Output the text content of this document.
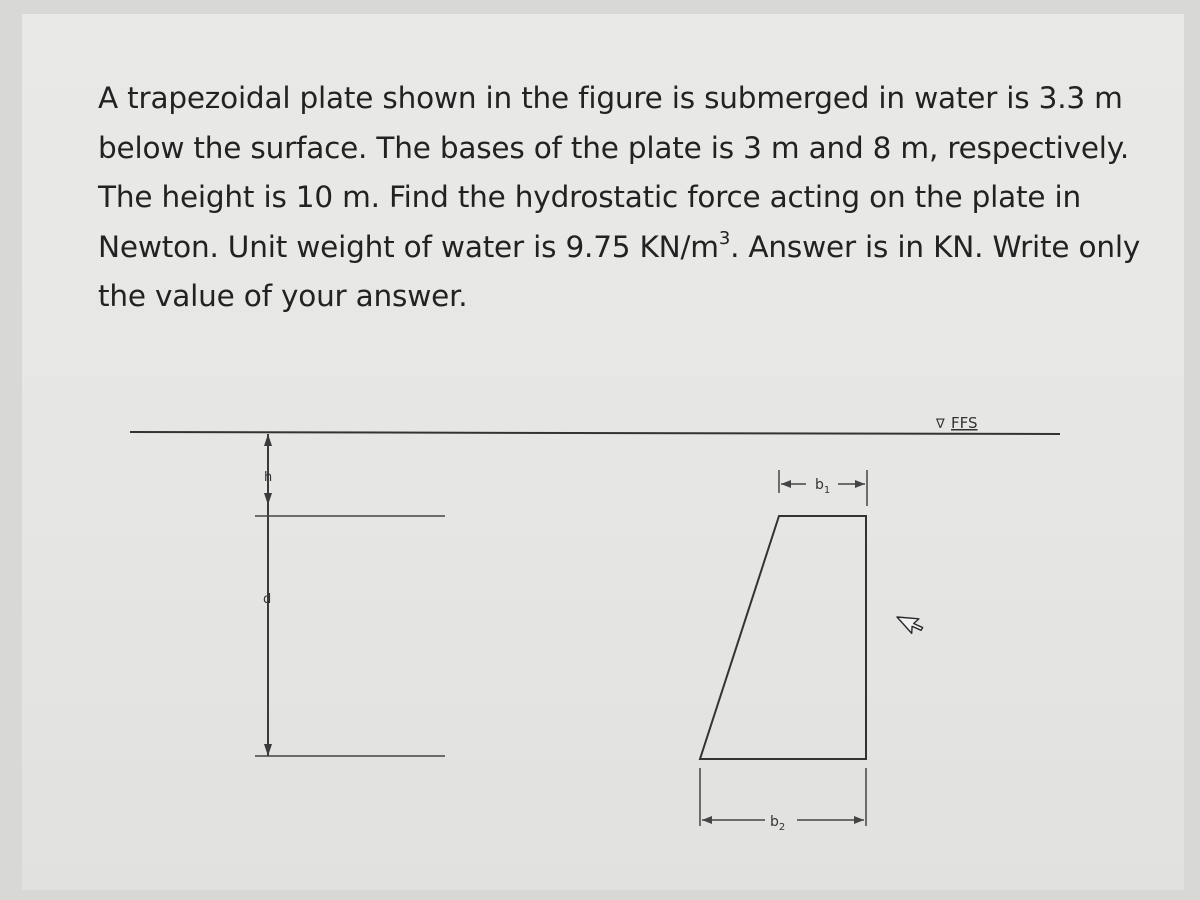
A trapezoidal plate shown in the figure is submerged in water is 3.3 m
below the surface. The bases of the plate is 3 m and 8 m, respectively.
The height is 10 m. Find the hydrostatic force acting on the plate in
Newton. Unit weight of water is 9.75 $KN/m^3$. Answer is in KN. Write only
the value of your answer.
∇ FFS
h
d
$b_1$
$b_2$
